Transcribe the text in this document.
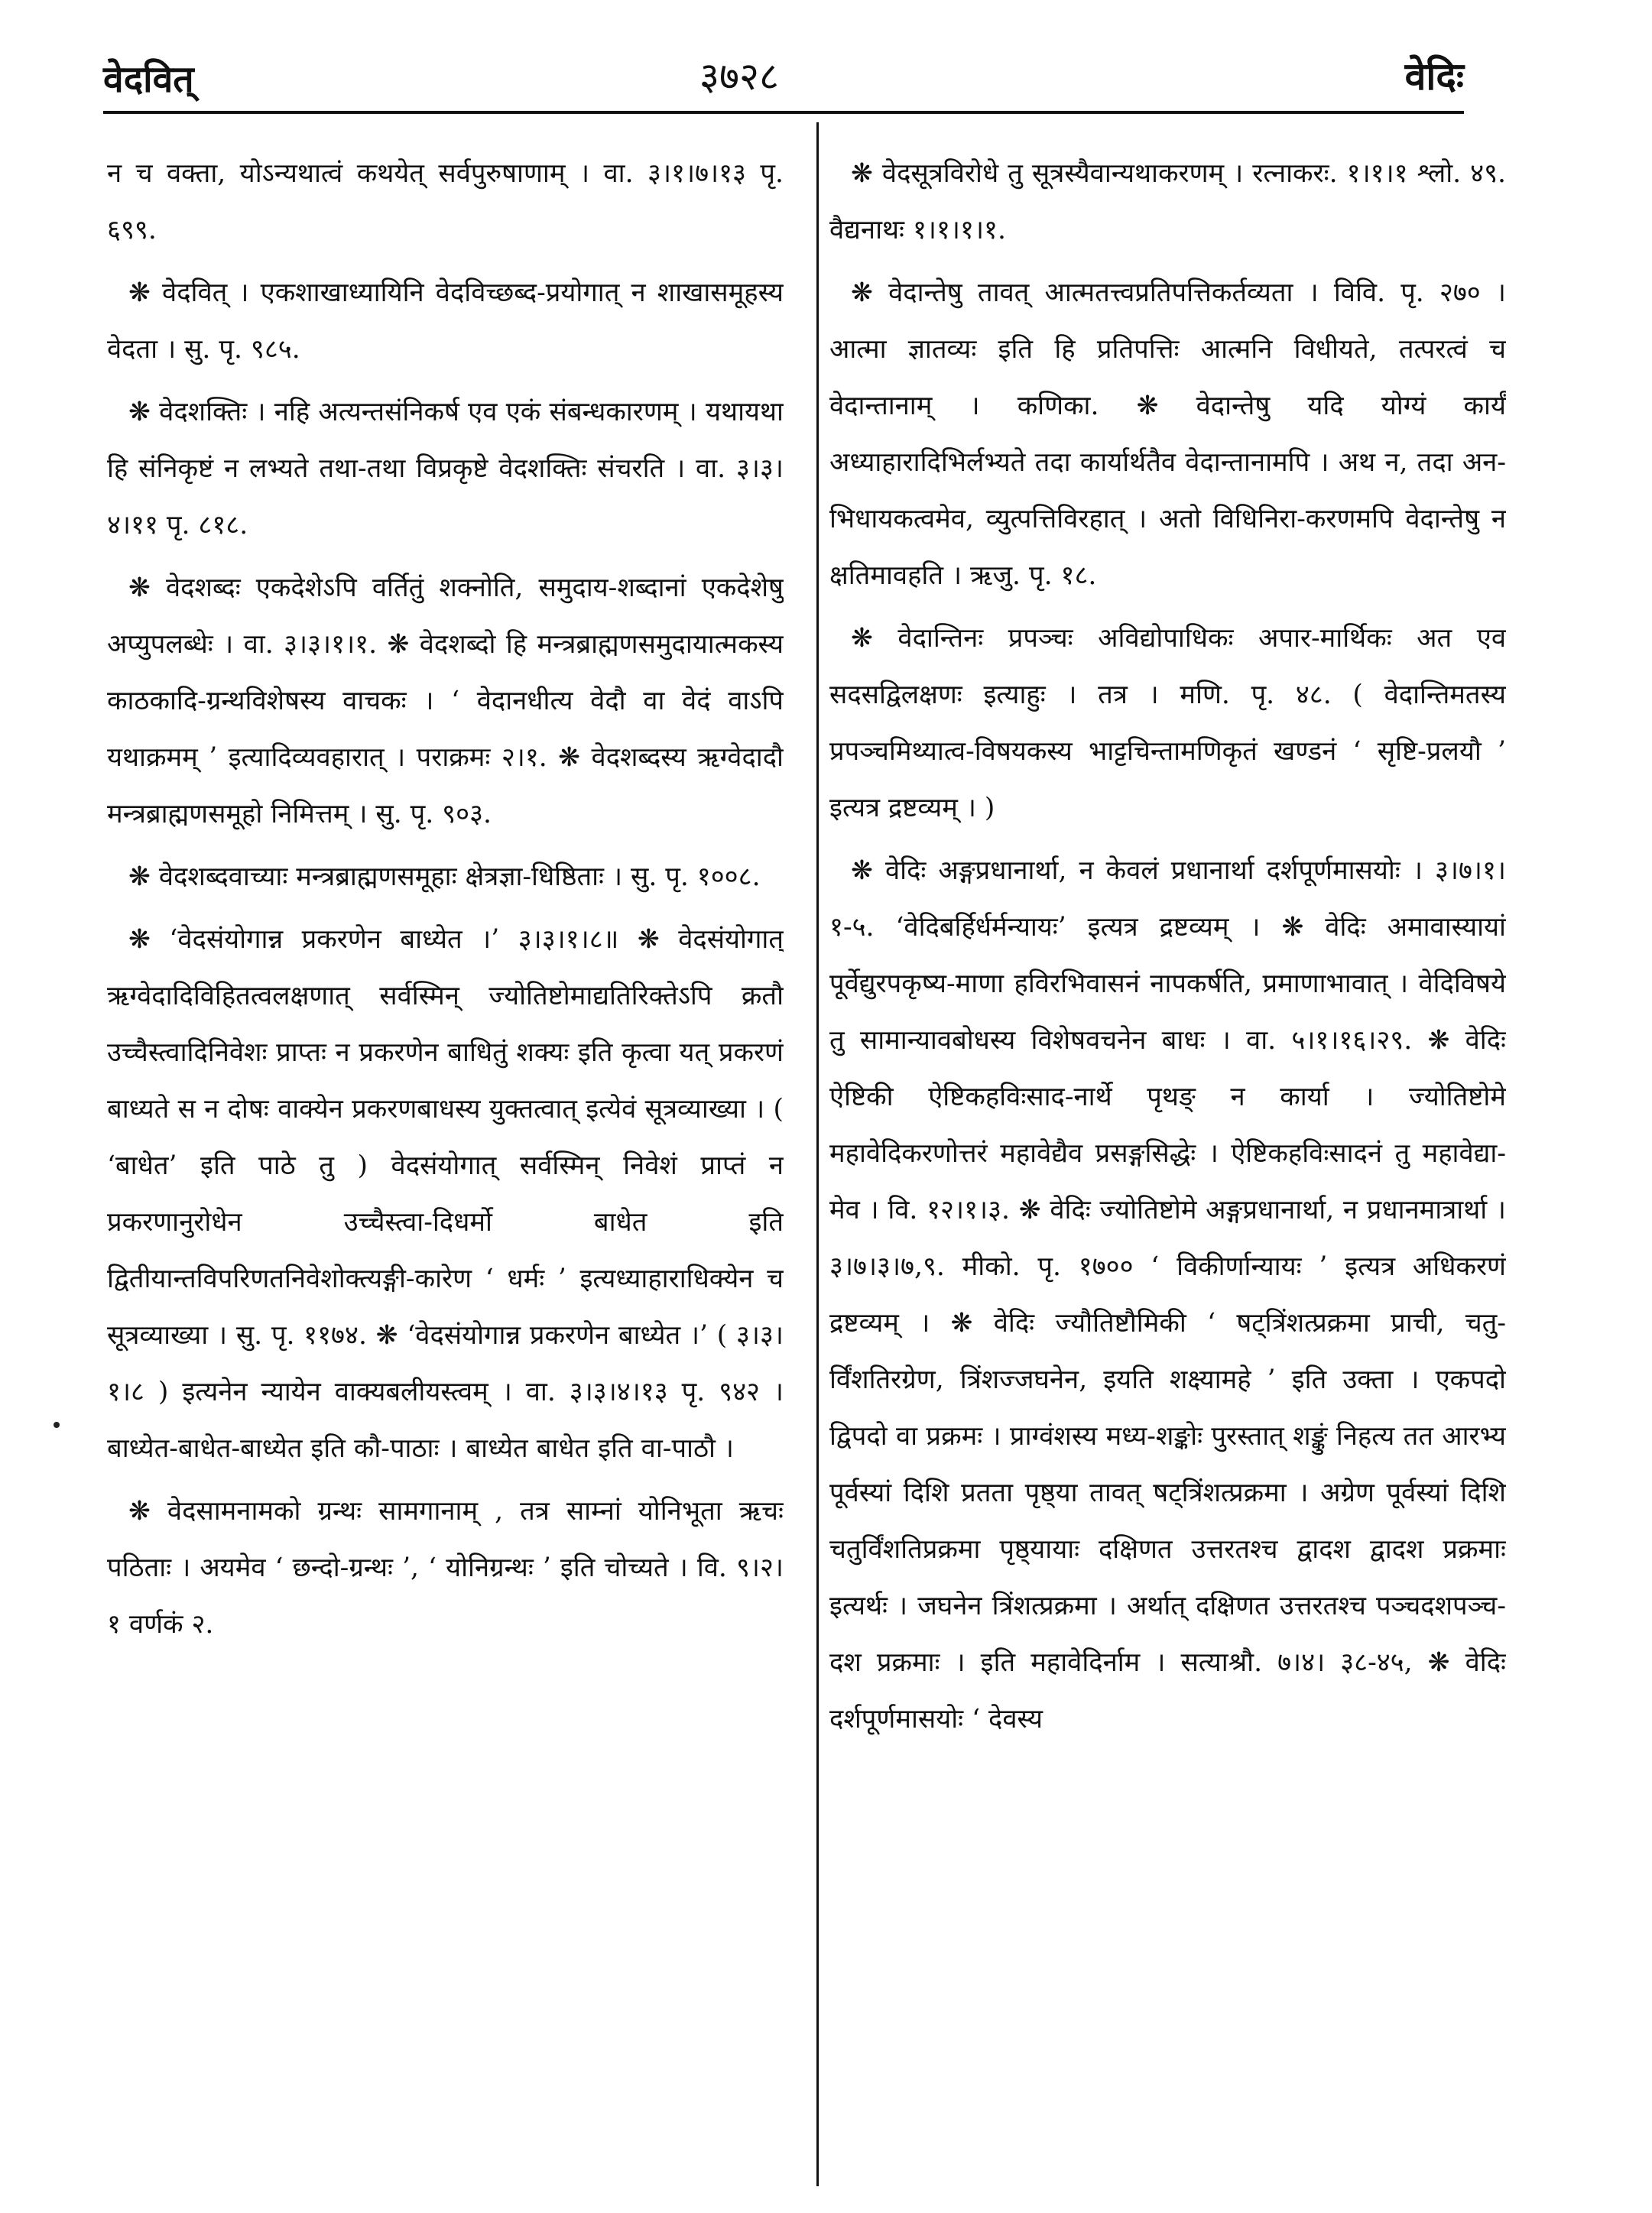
वेदवित्	३७२८	वेदिः

न च वक्ता, योऽन्यथात्वं कथयेत् सर्वपुरुषाणाम् । वा. ३।१।७।१३ पृ. ६९९.

❋ वेदवित् । एकशाखाध्यायिनि वेदविच्छब्द-प्रयोगात् न शाखासमूहस्य वेदता । सु. पृ. ९८५.

❋ वेदशक्तिः । नहि अत्यन्तसंनिकर्ष एव एकं संबन्धकारणम् । यथायथा हि संनिकृष्टं न लभ्यते तथा-तथा विप्रकृष्टे वेदशक्तिः संचरति । वा. ३।३।४।११ पृ. ८१८.

❋ वेदशब्दः एकदेशेऽपि वर्तितुं शक्नोति, समुदाय-शब्दानां एकदेशेषु अप्युपलब्धेः । वा. ३।३।१।१. ❋ वेदशब्दो हि मन्त्रब्राह्मणसमुदायात्मकस्य काठकादि-ग्रन्थविशेषस्य वाचकः । ‘ वेदानधीत्य वेदौ वा वेदं वाऽपि यथाक्रमम् ’ इत्यादिव्यवहारात् । पराक्रमः २।१. ❋ वेदशब्दस्य ऋग्वेदादौ मन्त्रब्राह्मणसमूहो निमित्तम् । सु. पृ. ९०३.

❋ वेदशब्दवाच्याः मन्त्रब्राह्मणसमूहाः क्षेत्रज्ञा-धिष्ठिताः । सु. पृ. १००८.

❋ ‘वेदसंयोगान्न प्रकरणेन बाध्येत ।’ ३।३।१।८॥ ❋ वेदसंयोगात् ऋग्वेदादिविहितत्वलक्षणात् सर्वस्मिन् ज्योतिष्टोमाद्यतिरिक्तेऽपि क्रतौ उच्चैस्त्वादिनिवेशः प्राप्तः न प्रकरणेन बाधितुं शक्यः इति कृत्वा यत् प्रकरणं बाध्यते स न दोषः वाक्येन प्रकरणबाधस्य युक्तत्वात् इत्येवं सूत्रव्याख्या । ( ‘बाधेत’ इति पाठे तु ) वेदसंयोगात् सर्वस्मिन् निवेशं प्राप्तं न प्रकरणानुरोधेन उच्चैस्त्वा-दिधर्मो बाधेत इति द्वितीयान्तविपरिणतनिवेशोक्त्यङ्गी-कारेण ‘ धर्मः ’ इत्यध्याहाराधिक्येन च सूत्रव्याख्या । सु. पृ. ११७४. ❋ ‘वेदसंयोगान्न प्रकरणेन बाध्येत ।’ ( ३।३।१।८ ) इत्यनेन न्यायेन वाक्यबलीयस्त्वम् । वा. ३।३।४।१३ पृ. ९४२ । बाध्येत-बाधेत-बाध्येत इति कौ-पाठाः । बाध्येत बाधेत इति वा-पाठौ ।

❋ वेदसामनामको ग्रन्थः सामगानाम् , तत्र साम्नां योनिभूता ऋचः पठिताः । अयमेव ‘ छन्दो-ग्रन्थः ’, ‘ योनिग्रन्थः ’ इति चोच्यते । वि. ९।२।१ वर्णकं २.

❋ वेदसूत्रविरोधे तु सूत्रस्यैवान्यथाकरणम् । रत्नाकरः. १।१।१ श्लो. ४९. वैद्यनाथः १।१।१।१.

❋ वेदान्तेषु तावत् आत्मतत्त्वप्रतिपत्तिकर्तव्यता । विवि. पृ. २७० । आत्मा ज्ञातव्यः इति हि प्रतिपत्तिः आत्मनि विधीयते, तत्परत्वं च वेदान्तानाम् । कणिका. ❋ वेदान्तेषु यदि योग्यं कार्यं अध्याहारादिभिर्लभ्यते तदा कार्यार्थतैव वेदान्तानामपि । अथ न, तदा अन-भिधायकत्वमेव, व्युत्पत्तिविरहात् । अतो विधिनिरा-करणमपि वेदान्तेषु न क्षतिमावहति । ऋजु. पृ. १८.

❋ वेदान्तिनः प्रपञ्चः अविद्योपाधिकः अपार-मार्थिकः अत एव सदसद्विलक्षणः इत्याहुः । तत्र । मणि. पृ. ४८. ( वेदान्तिमतस्य प्रपञ्चमिथ्यात्व-विषयकस्य भाट्टचिन्तामणिकृतं खण्डनं ‘ सृष्टि-प्रलयौ ’ इत्यत्र द्रष्टव्यम् । )

❋ वेदिः अङ्गप्रधानार्था, न केवलं प्रधानार्था दर्शपूर्णमासयोः । ३।७।१।१-५. ‘वेदिबर्हिर्धर्मन्यायः’ इत्यत्र द्रष्टव्यम् । ❋ वेदिः अमावास्यायां पूर्वेद्युरपकृष्य-माणा हविरभिवासनं नापकर्षति, प्रमाणाभावात् । वेदिविषये तु सामान्यावबोधस्य विशेषवचनेन बाधः । वा. ५।१।१६।२९. ❋ वेदिः ऐष्टिकी ऐष्टिकहविःसाद-नार्थे पृथङ् न कार्या । ज्योतिष्टोमे महावेदिकरणोत्तरं महावेद्यैव प्रसङ्गसिद्धेः । ऐष्टिकहविःसादनं तु महावेद्या-मेव । वि. १२।१।३. ❋ वेदिः ज्योतिष्टोमे अङ्गप्रधानार्था, न प्रधानमात्रार्था । ३।७।३।७,९. मीको. पृ. १७०० ‘ विकीर्णान्यायः ’ इत्यत्र अधिकरणं द्रष्टव्यम् । ❋ वेदिः ज्यौतिष्टौमिकी ‘ षट्त्रिंशत्प्रक्रमा प्राची, चतु-र्विंशतिरग्रेण, त्रिंशज्जघनेन, इयति शक्ष्यामहे ’ इति उक्ता । एकपदो द्विपदो वा प्रक्रमः । प्राग्वंशस्य मध्य-शङ्कोः पुरस्तात् शङ्कुं निहत्य तत आरभ्य पूर्वस्यां दिशि प्रतता पृष्ठ्या तावत् षट्त्रिंशत्प्रक्रमा । अग्रेण पूर्वस्यां दिशि चतुर्विंशतिप्रक्रमा पृष्ठ्यायाः दक्षिणत उत्तरतश्च द्वादश द्वादश प्रक्रमाः इत्यर्थः । जघनेन त्रिंशत्प्रक्रमा । अर्थात् दक्षिणत उत्तरतश्च पञ्चदशपञ्च-दश प्रक्रमाः । इति महावेदिर्नाम । सत्याश्रौ. ७।४। ३८-४५, ❋ वेदिः दर्शपूर्णमासयोः ‘ देवस्य
